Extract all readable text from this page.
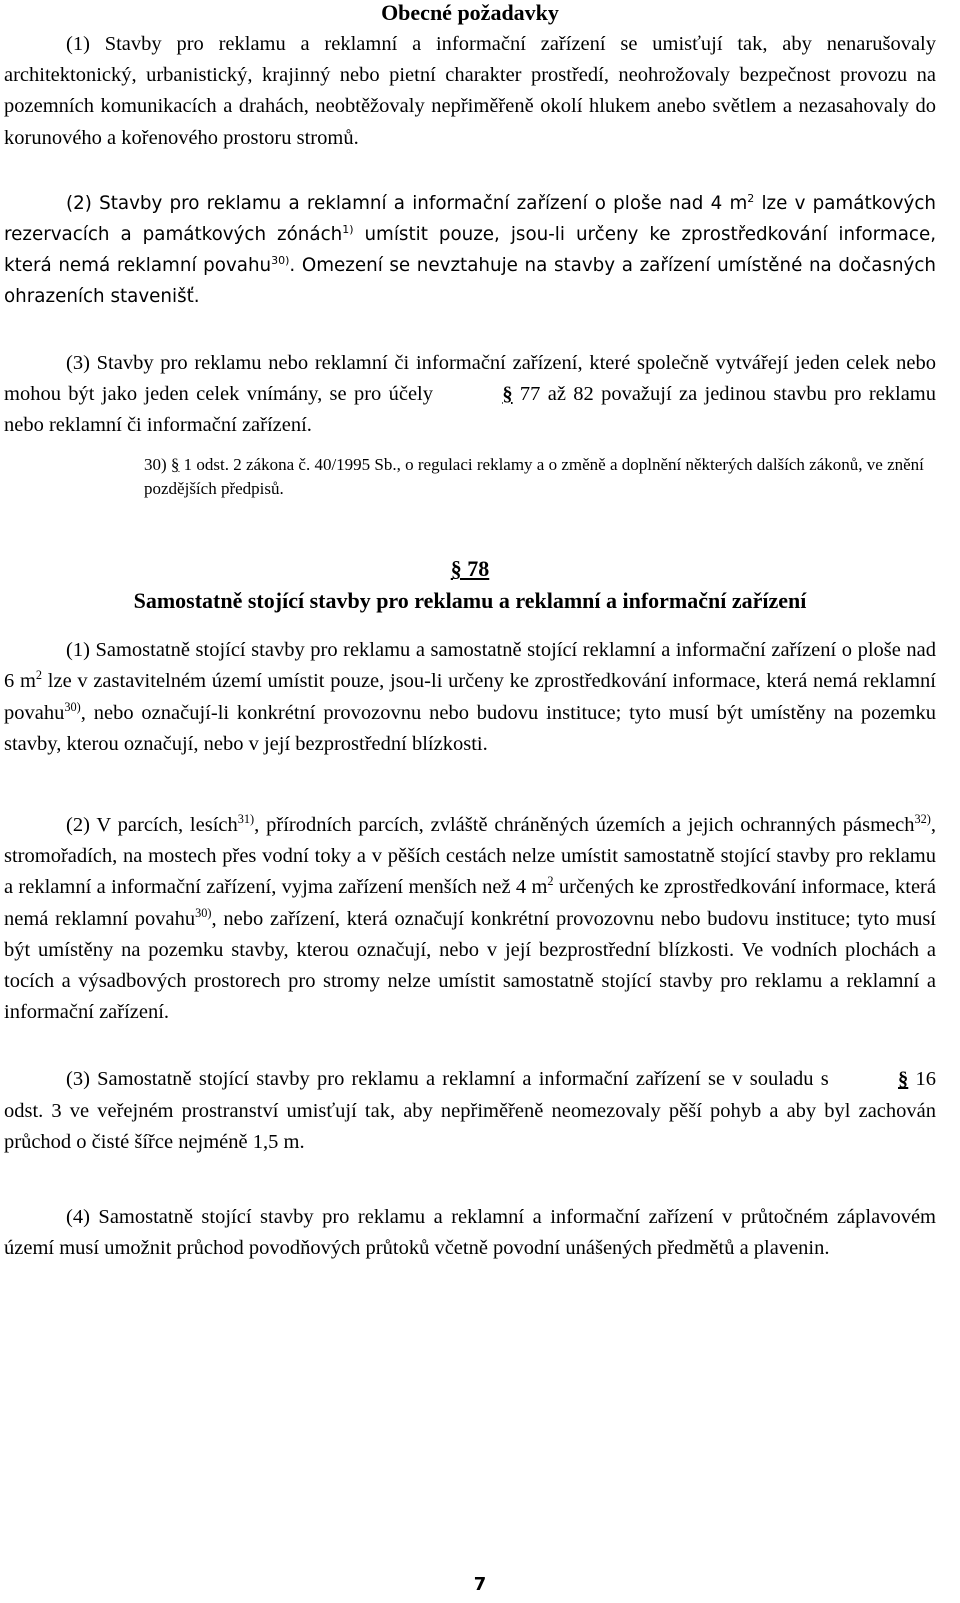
Obecné požadavky

(1) Stavby pro reklamu a reklamní a informační zařízení se umisťují tak, aby nenarušovaly architektonický, urbanistický, krajinný nebo pietní charakter prostředí, neohrožovaly bezpečnost provozu na pozemních komunikacích a drahách, neobtěžovaly nepřiměřeně okolí hlukem anebo světlem a nezasahovaly do korunového a kořenového prostoru stromů.

(2) Stavby pro reklamu a reklamní a informační zařízení o ploše nad 4 $m^2$ lze v památkových rezervacích a památkových zónách$^{1)}$ umístit pouze, jsou-li určeny ke zprostředkování informace, která nemá reklamní povahu$^{30)}$. Omezení se nevztahuje na stavby a zařízení umístěné na dočasných ohrazeních stavenišť.

(3) Stavby pro reklamu nebo reklamní či informační zařízení, které společně vytvářejí jeden celek nebo mohou být jako jeden celek vnímány, se pro účely	§ 77 až 82 považují za jedinou stavbu pro reklamu nebo reklamní či informační zařízení.

30) § 1 odst. 2 zákona č. 40/1995 Sb., o regulaci reklamy a o změně a doplnění některých dalších zákonů, ve znění pozdějších předpisů.

§ 78

Samostatně stojící stavby pro reklamu a reklamní a informační zařízení

(1) Samostatně stojící stavby pro reklamu a samostatně stojící reklamní a informační zařízení o ploše nad 6 $m^2$ lze v zastavitelném území umístit pouze, jsou-li určeny ke zprostředkování informace, která nemá reklamní povahu$^{30)}$, nebo označují-li konkrétní provozovnu nebo budovu instituce; tyto musí být umístěny na pozemku stavby, kterou označují, nebo v její bezprostřední blízkosti.

(2) V parcích, lesích$^{31)}$, přírodních parcích, zvláště chráněných územích a jejich ochranných pásmech$^{32)}$, stromořadích, na mostech přes vodní toky a v pěších cestách nelze umístit samostatně stojící stavby pro reklamu a reklamní a informační zařízení, vyjma zařízení menších než 4 $m^2$ určených ke zprostředkování informace, která nemá reklamní povahu$^{30)}$, nebo zařízení, která označují konkrétní provozovnu nebo budovu instituce; tyto musí být umístěny na pozemku stavby, kterou označují, nebo v její bezprostřední blízkosti. Ve vodních plochách a tocích a výsadbových prostorech pro stromy nelze umístit samostatně stojící stavby pro reklamu a reklamní a informační zařízení.

(3) Samostatně stojící stavby pro reklamu a reklamní a informační zařízení se v souladu s	§ 16 odst. 3 ve veřejném prostranství umisťují tak, aby nepřiměřeně neomezovaly pěší pohyb a aby byl zachován průchod o čisté šířce nejméně 1,5 m.

(4) Samostatně stojící stavby pro reklamu a reklamní a informační zařízení v průtočném záplavovém území musí umožnit průchod povodňových průtoků včetně povodní unášených předmětů a plavenin.

7
